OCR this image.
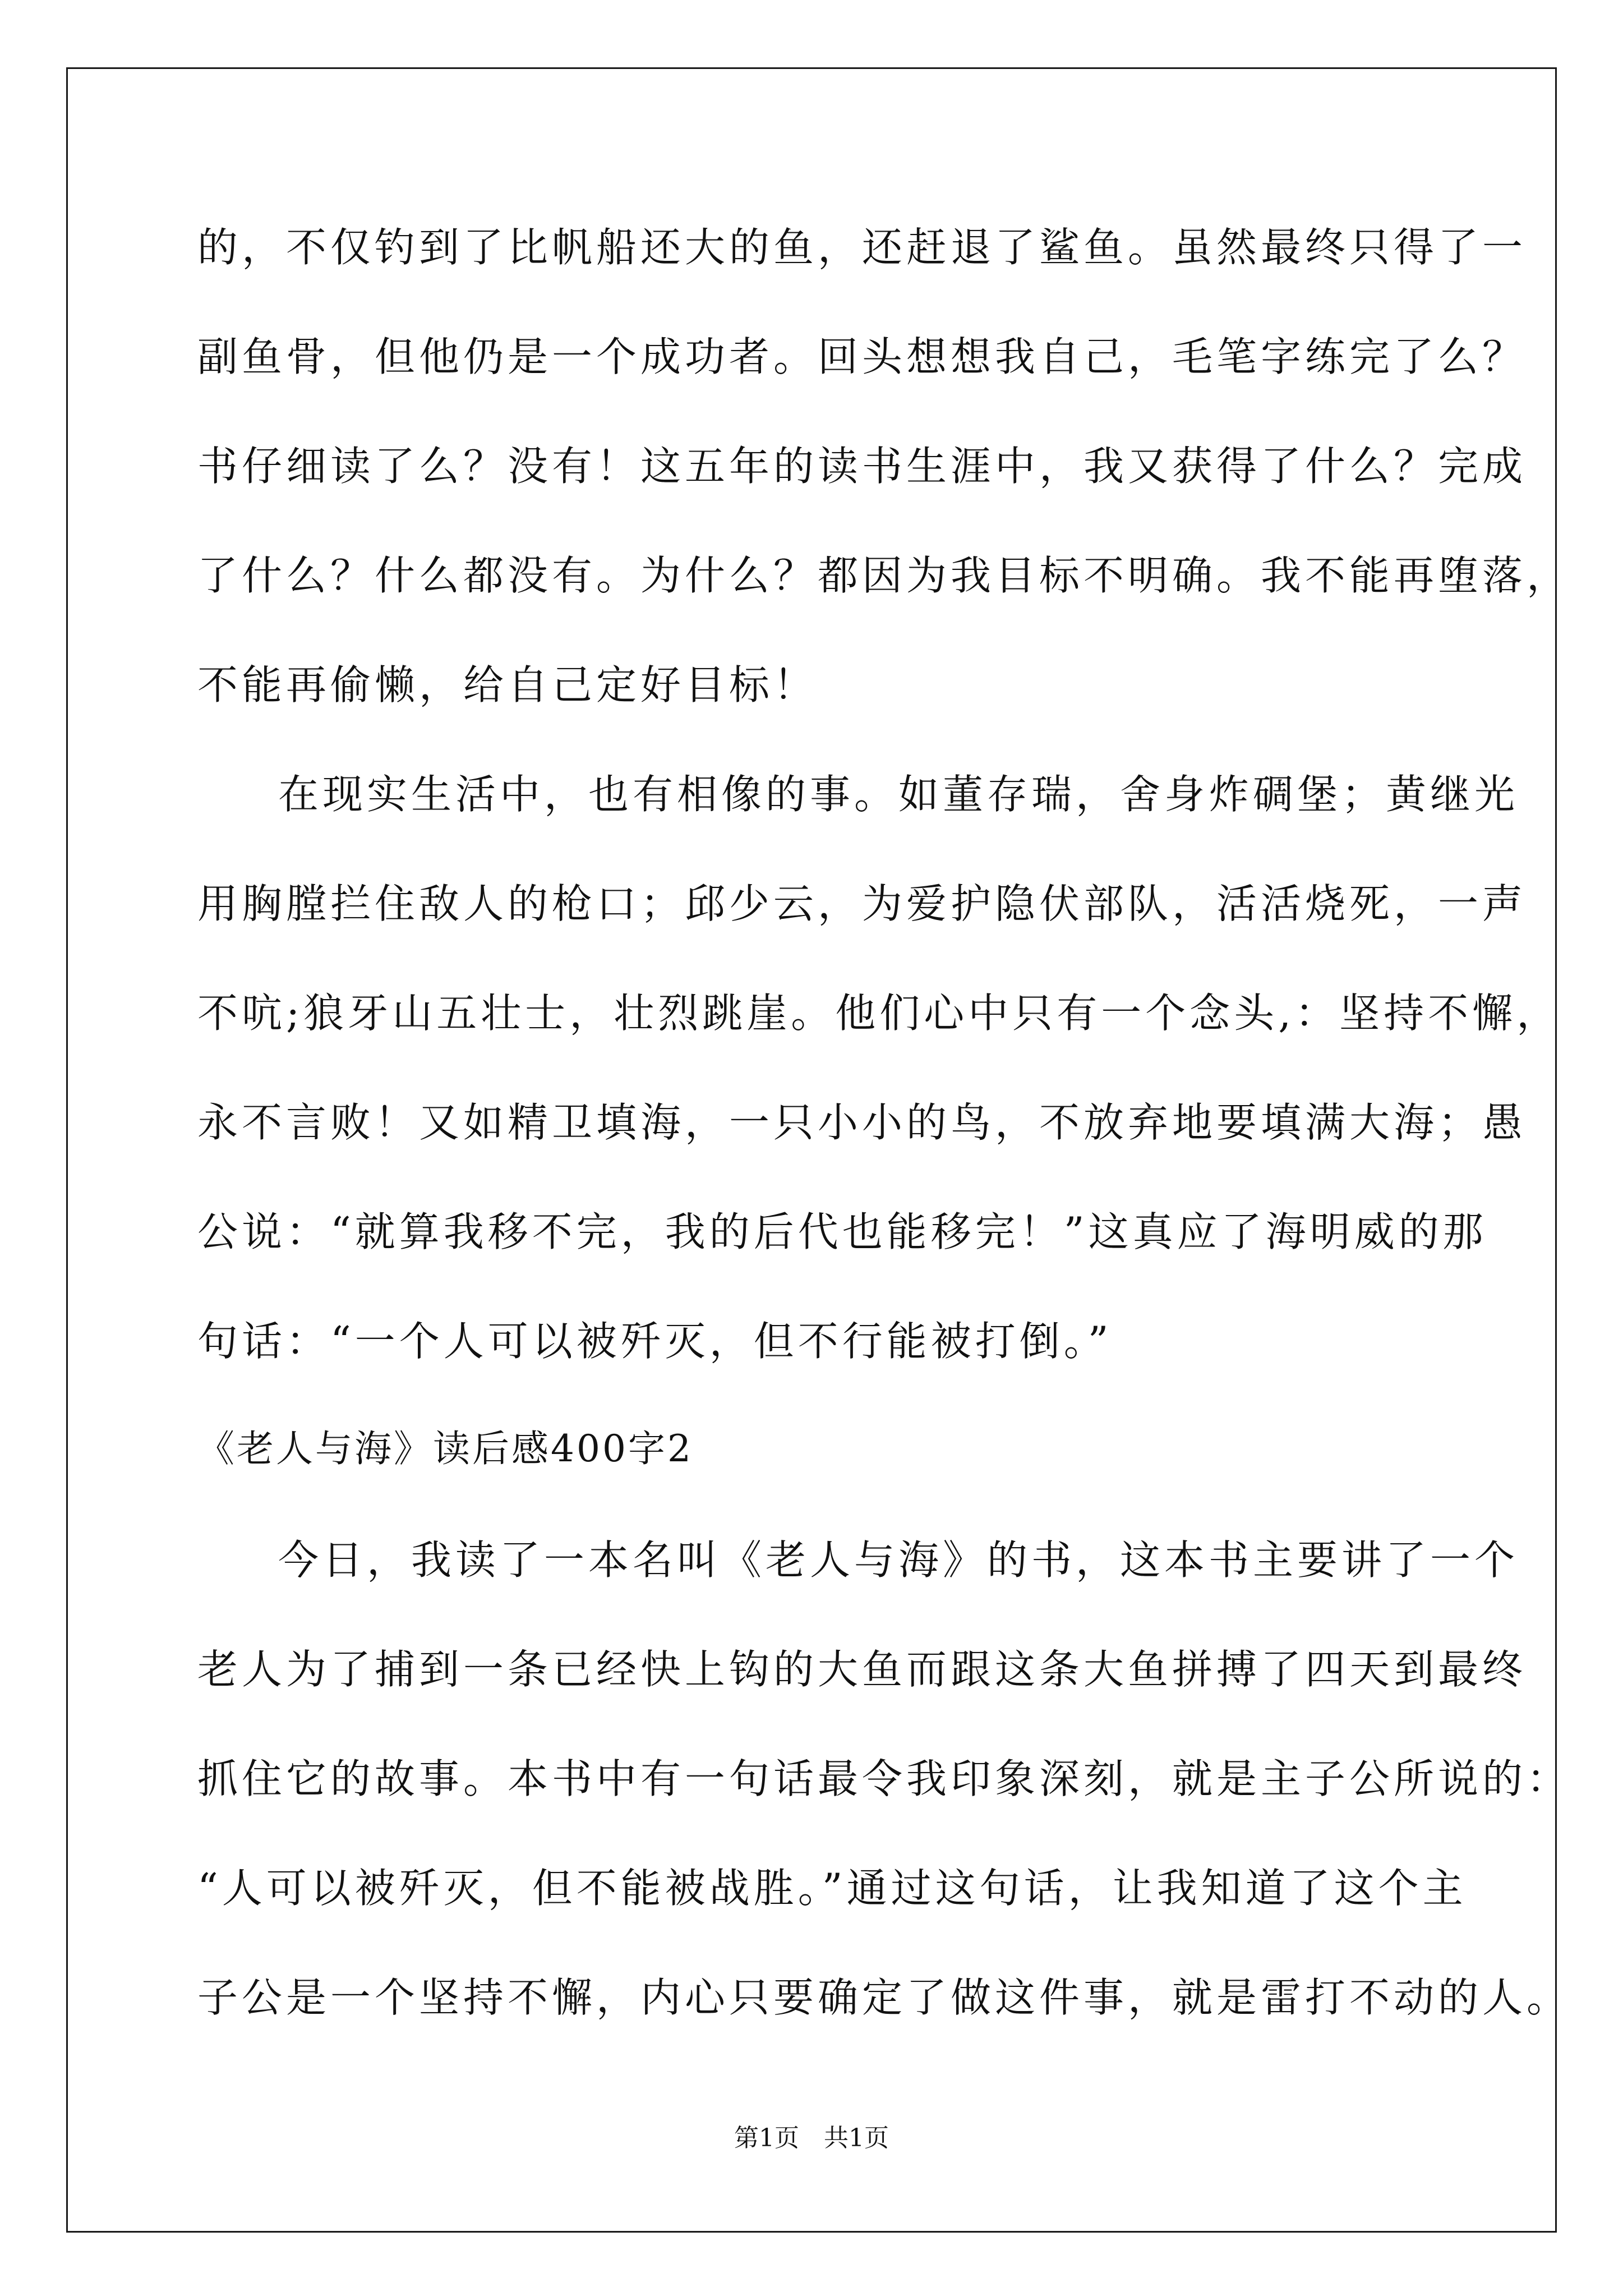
的，不仅钓到了比帆船还大的鱼，还赶退了鲨鱼。虽然最终只得了一
副鱼骨，但他仍是一个成功者。回头想想我自己，毛笔字练完了么？
书仔细读了么？没有！这五年的读书生涯中，我又获得了什么？完成
了什么？什么都没有。为什么？都因为我目标不明确。我不能再堕落，
不能再偷懒，给自己定好目标！
在现实生活中，也有相像的事。如董存瑞，舍身炸碉堡；黄继光
用胸膛拦住敌人的枪口；邱少云，为爱护隐伏部队，活活烧死，一声
不吭;狼牙山五壮士，壮烈跳崖。他们心中只有一个念头,：坚持不懈，
永不言败！又如精卫填海，一只小小的鸟，不放弃地要填满大海；愚
公说：“就算我移不完，我的后代也能移完！”这真应了海明威的那
句话：“一个人可以被歼灭，但不行能被打倒。”
《老人与海》读后感400字2
今日，我读了一本名叫《老人与海》的书，这本书主要讲了一个
老人为了捕到一条已经快上钩的大鱼而跟这条大鱼拼搏了四天到最终
抓住它的故事。本书中有一句话最令我印象深刻，就是主子公所说的：
“人可以被歼灭，但不能被战胜。”通过这句话，让我知道了这个主
子公是一个坚持不懈，内心只要确定了做这件事，就是雷打不动的人。
第1页　共1页
